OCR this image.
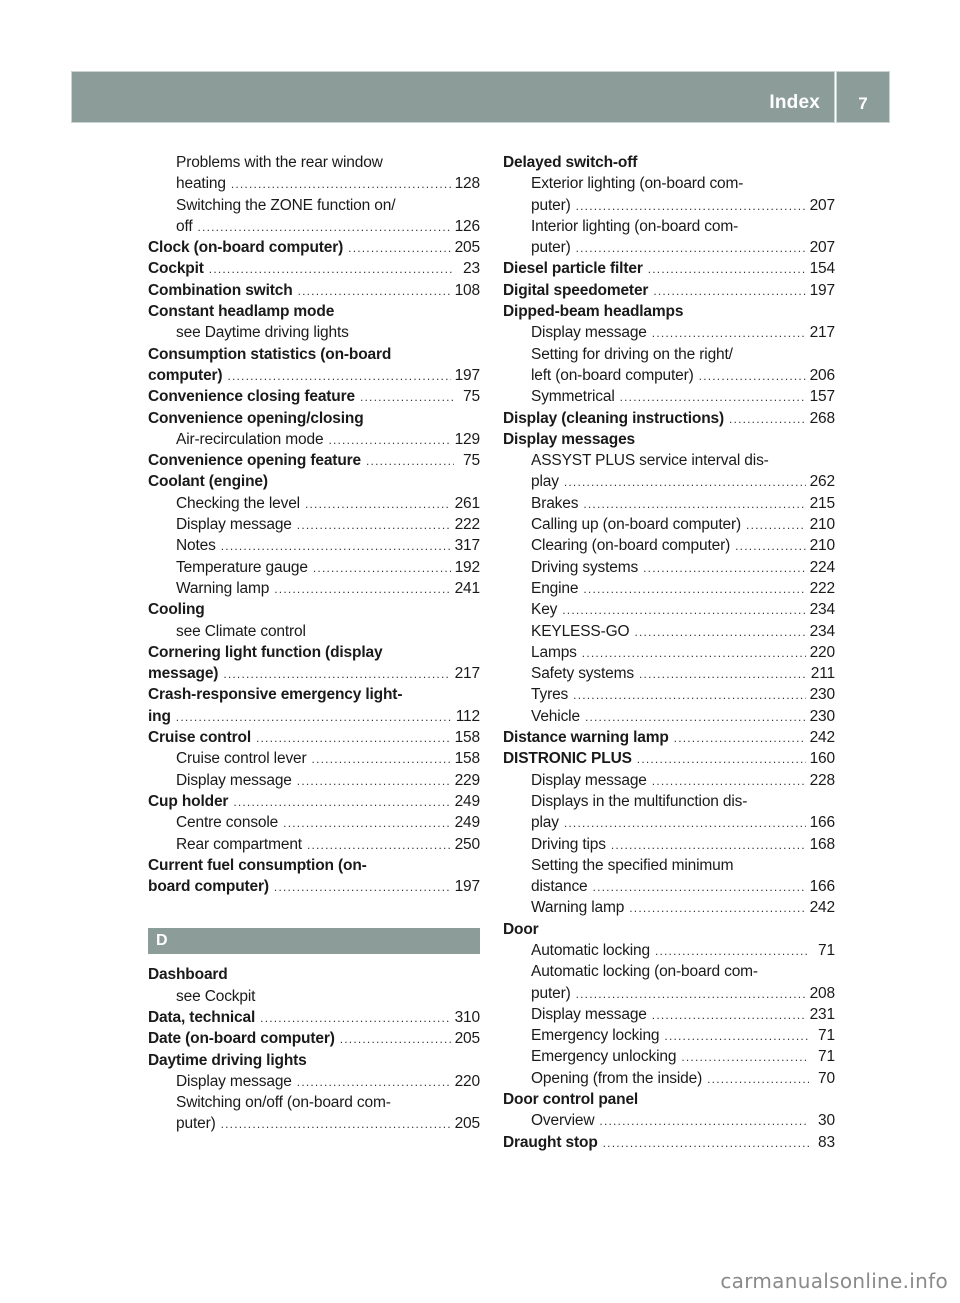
Index	7
Problems with the rear window
heating .....	128
Switching the ZONE function on/
off .....	126
Clock (on-board computer) .....	205
Cockpit .....	23
Combination switch .....	108
Constant headlamp mode
see Daytime driving lights
Consumption statistics (on-board
computer) .....	197
Convenience closing feature .....	75
Convenience opening/closing
Air-recirculation mode .....	129
Convenience opening feature .....	75
Coolant (engine)
Checking the level .....	261
Display message .....	222
Notes .....	317
Temperature gauge .....	192
Warning lamp .....	241
Cooling
see Climate control
Cornering light function (display
message) .....	217
Crash-responsive emergency light-
ing .....	112
Cruise control .....	158
Cruise control lever .....	158
Display message .....	229
Cup holder .....	249
Centre console .....	249
Rear compartment .....	250
Current fuel consumption (on-
board computer) .....	197
D
Dashboard
see Cockpit
Data, technical .....	310
Date (on-board computer) .....	205
Daytime driving lights
Display message .....	220
Switching on/off (on-board com-
puter) .....	205
Delayed switch-off
Exterior lighting (on-board com-
puter) .....	207
Interior lighting (on-board com-
puter) .....	207
Diesel particle filter .....	154
Digital speedometer .....	197
Dipped-beam headlamps
Display message .....	217
Setting for driving on the right/
left (on-board computer) .....	206
Symmetrical .....	157
Display (cleaning instructions) .....	268
Display messages
ASSYST PLUS service interval dis-
play .....	262
Brakes .....	215
Calling up (on-board computer) .....	210
Clearing (on-board computer) .....	210
Driving systems .....	224
Engine .....	222
Key .....	234
KEYLESS-GO .....	234
Lamps .....	220
Safety systems .....	211
Tyres .....	230
Vehicle .....	230
Distance warning lamp .....	242
DISTRONIC PLUS .....	160
Display message .....	228
Displays in the multifunction dis-
play .....	166
Driving tips .....	168
Setting the specified minimum
distance .....	166
Warning lamp .....	242
Door
Automatic locking .....	71
Automatic locking (on-board com-
puter) .....	208
Display message .....	231
Emergency locking .....	71
Emergency unlocking .....	71
Opening (from the inside) .....	70
Door control panel
Overview .....	30
Draught stop .....	83
carmanualsonline.info
